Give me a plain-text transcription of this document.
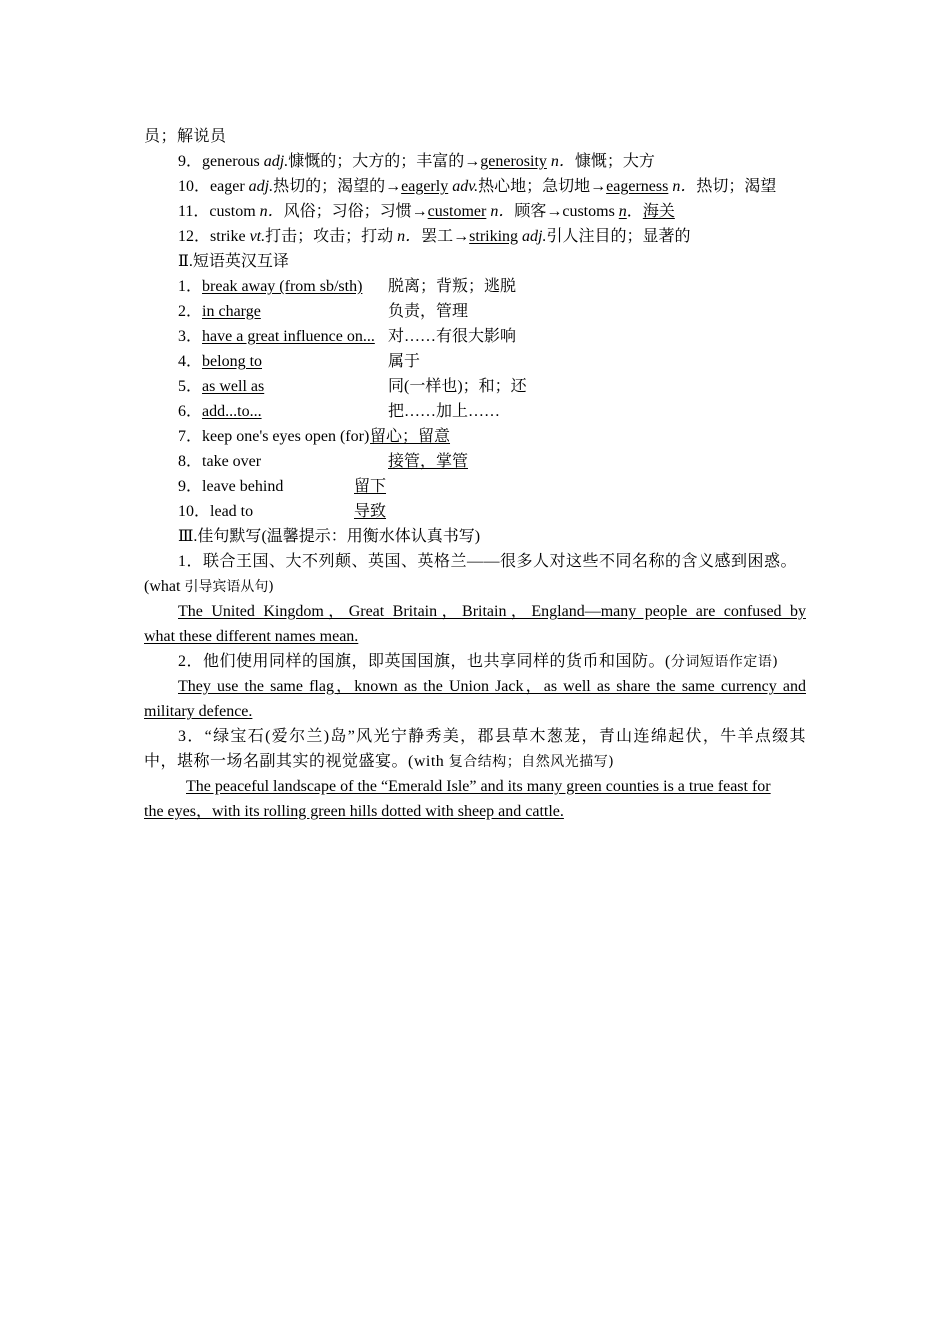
员；解说员
9．generous adj.慷慨的；大方的；丰富的→generosity n．慷慨；大方
10．eager adj.热切的；渴望的→eagerly adv.热心地；急切地→eagerness n．热切；渴望
11．custom n．风俗；习俗；习惯→customer n．顾客→customs n．海关
12．strike vt.打击；攻击；打动 n．罢工→striking adj.引人注目的；显著的
Ⅱ.短语英汉互译
1．break away (from sb/sth) 脱离；背叛；逃脱
2．in charge	负责，管理
3．have a great influence on... 对……有很大影响
4．belong to	属于
5．as well as	同(一样也)；和；还
6．add...to...	把……加上……
7．keep one's eyes open (for)留心；留意
8．take over	接管，掌管
9．leave behind	留下
10．lead to	导致
Ⅲ.佳句默写(温馨提示：用衡水体认真书写)
1．联合王国、大不列颠、英国、英格兰——很多人对这些不同名称的含义感到困惑。
(what 引导宾语从句)
The United Kingdom，Great Britain，Britain，England—many people are confused by
what these different names mean.
2．他们使用同样的国旗，即英国国旗，也共享同样的货币和国防。(分词短语作定语)
They use the same flag，known as the Union Jack，as well as share the same currency and
military defence.
3．“绿宝石(爱尔兰)岛”风光宁静秀美，郡县草木葱茏，青山连绵起伏，牛羊点缀其
中，堪称一场名副其实的视觉盛宴。(with 复合结构；自然风光描写)
The peaceful landscape of the “Emerald Isle” and its many green counties is a true feast for
the eyes，with its rolling green hills dotted with sheep and cattle.
